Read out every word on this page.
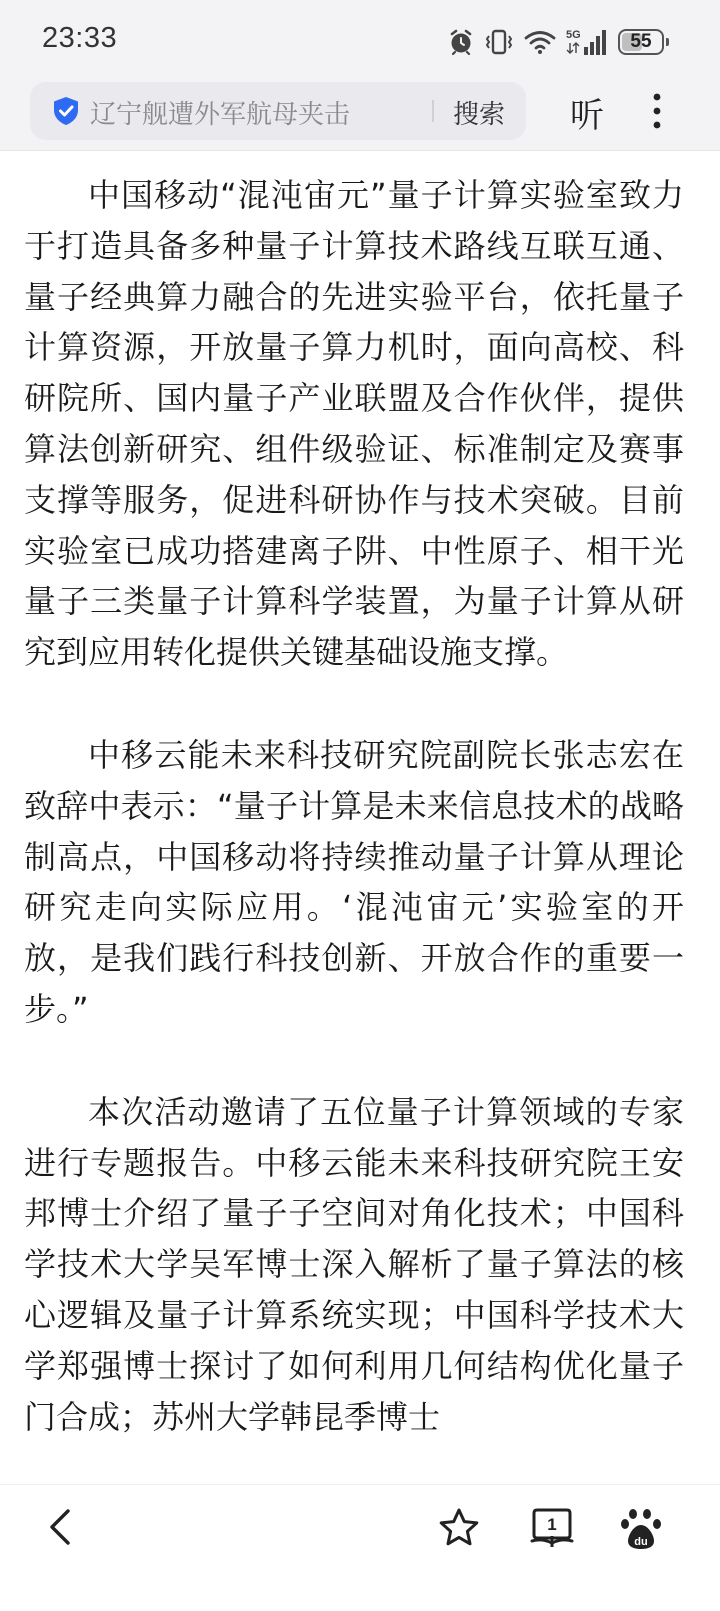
23:33	5G	55
辽宁舰遭外军航母夹击	搜索 听

中国移动“混沌宙元”量子计算实验室致力于打造具备多种量子计算技术路线互联互通、量子经典算力融合的先进实验平台，依托量子计算资源，开放量子算力机时，面向高校、科研院所、国内量子产业联盟及合作伙伴，提供算法创新研究、组件级验证、标准制定及赛事支撑等服务，促进科研协作与技术突破。目前实验室已成功搭建离子阱、中性原子、相干光量子三类量子计算科学装置，为量子计算从研究到应用转化提供关键基础设施支撑。

中移云能未来科技研究院副院长张志宏在致辞中表示：“量子计算是未来信息技术的战略制高点，中国移动将持续推动量子计算从理论研究走向实际应用。‘混沌宙元’实验室的开放，是我们践行科技创新、开放合作的重要一步。”

本次活动邀请了五位量子计算领域的专家进行专题报告。中移云能未来科技研究院王安邦博士介绍了量子子空间对角化技术；中国科学技术大学吴军博士深入解析了量子算法的核心逻辑及量子计算系统实现；中国科学技术大学郑强博士探讨了如何利用几何结构优化量子门合成；苏州大学韩昆季博士

1
du
